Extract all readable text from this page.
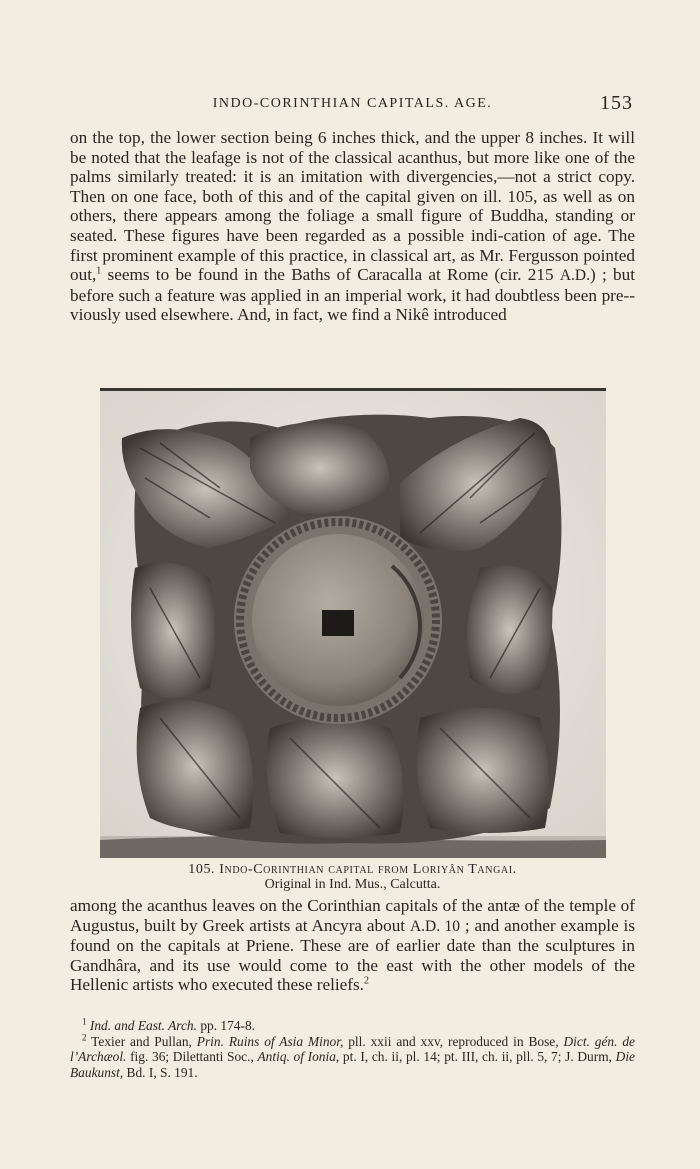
INDO-CORINTHIAN CAPITALS. AGE.	153

on the top, the lower section being 6 inches thick, and the upper 8 inches. It will be noted that the leafage is not of the classical acanthus, but more like one of the palms similarly treated: it is an imitation with divergencies,—not a strict copy. Then on one face, both of this and of the capital given on ill. 105, as well as on others, there appears among the foliage a small figure of Buddha, standing or seated. These figures have been regarded as a possible indi-cation of age. The first prominent example of this practice, in classical art, as Mr. Fergusson pointed out,$^1$ seems to be found in the Baths of Caracalla at Rome (cir. 215 A.D.) ; but before such a feature was applied in an imperial work, it had doubtless been pre-viously used elsewhere. And, in fact, we find a Nikê introduced

105. Indo-Corinthian capital from Loriyân Tangai.
Original in Ind. Mus., Calcutta.

among the acanthus leaves on the Corinthian capitals of the antæ of the temple of Augustus, built by Greek artists at Ancyra about A.D. 10 ; and another example is found on the capitals at Priene. These are of earlier date than the sculptures in Gandhâra, and its use would come to the east with the other models of the Hellenic artists who executed these reliefs.$^2$

$^1$ Ind. and East. Arch. pp. 174-8.

$^2$ Texier and Pullan, Prin. Ruins of Asia Minor, pll. xxii and xxv, reproduced in Bose, Dict. gén. de l’Archæol. fig. 36; Dilettanti Soc., Antiq. of Ionia, pt. I, ch. ii, pl. 14; pt. III, ch. ii, pll. 5, 7; J. Durm, Die Baukunst, Bd. I, S. 191.
